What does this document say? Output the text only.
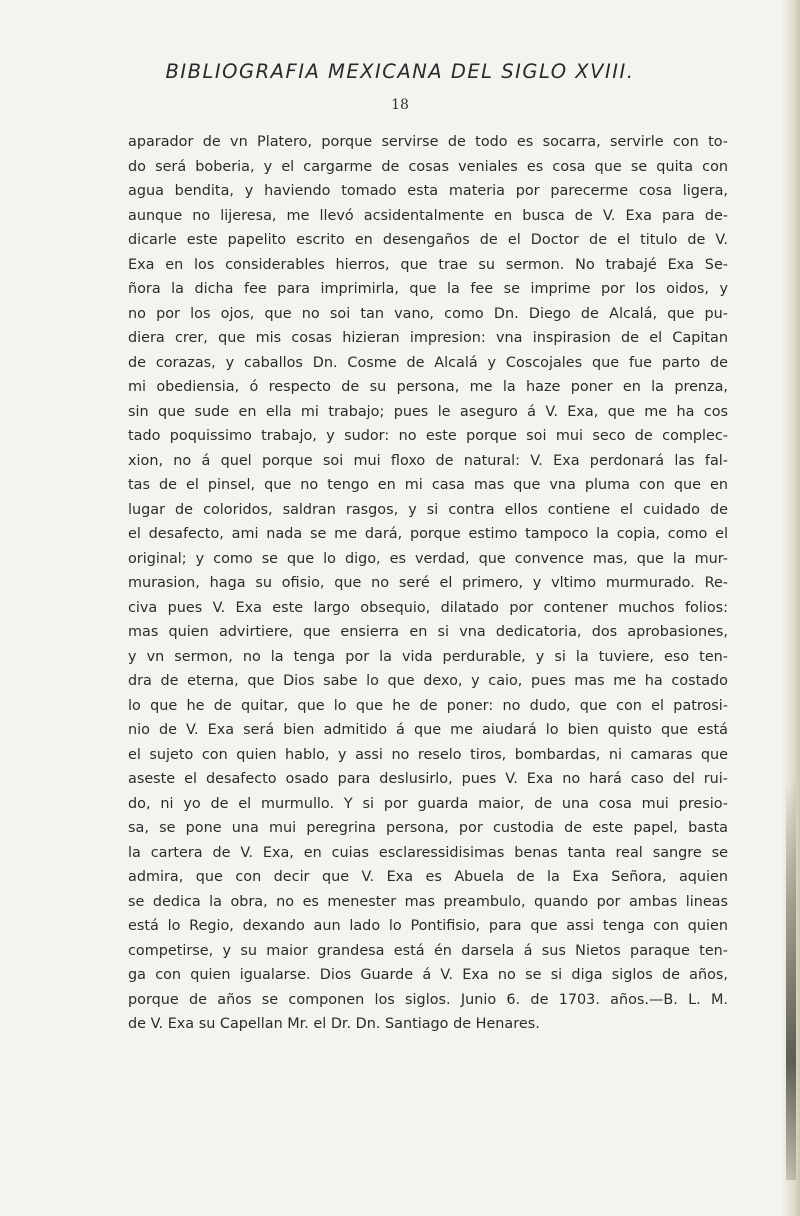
BIBLIOGRAFIA MEXICANA DEL SIGLO XVIII.
18
aparador de vn Platero, porque servirse de todo es socarra, servirle con to-
do será boberia, y el cargarme de cosas veniales es cosa que se quita con
agua bendita, y haviendo tomado esta materia por parecerme cosa ligera,
aunque no lijeresa, me llevó acsidentalmente en busca de V. Exa para de-
dicarle este papelito escrito en desengaños de el Doctor de el titulo de V.
Exa en los considerables hierros, que trae su sermon. No trabajé Exa Se-
ñora la dicha fee para imprimirla, que la fee se imprime por los oidos, y
no por los ojos, que no soi tan vano, como Dn. Diego de Alcalá, que pu-
diera crer, que mis cosas hizieran impresion: vna inspirasion de el Capitan
de corazas, y caballos Dn. Cosme de Alcalá y Coscojales que fue parto de
mi obediensia, ó respecto de su persona, me la haze poner en la prenza,
sin que sude en ella mi trabajo; pues le aseguro á V. Exa, que me ha cos
tado poquissimo trabajo, y sudor: no este porque soi mui seco de complec-
xion, no á quel porque soi mui floxo de natural: V. Exa perdonará las fal-
tas de el pinsel, que no tengo en mi casa mas que vna pluma con que en
lugar de coloridos, saldran rasgos, y si contra ellos contiene el cuidado de
el desafecto, ami nada se me dará, porque estimo tampoco la copia, como el
original; y como se que lo digo, es verdad, que convence mas, que la mur-
murasion, haga su ofisio, que no seré el primero, y vltimo murmurado. Re-
civa pues V. Exa este largo obsequio, dilatado por contener muchos folios:
mas quien advirtiere, que ensierra en si vna dedicatoria, dos aprobasiones,
y vn sermon, no la tenga por la vida perdurable, y si la tuviere, eso ten-
dra de eterna, que Dios sabe lo que dexo, y caio, pues mas me ha costado
lo que he de quitar, que lo que he de poner: no dudo, que con el patrosi-
nio de V. Exa será bien admitido á que me aiudará lo bien quisto que está
el sujeto con quien hablo, y assi no reselo tiros, bombardas, ni camaras que
aseste el desafecto osado para deslusirlo, pues V. Exa no hará caso del rui-
do, ni yo de el murmullo. Y si por guarda maior, de una cosa mui presio-
sa, se pone una mui peregrina persona, por custodia de este papel, basta
la cartera de V. Exa, en cuias esclaressidisimas benas tanta real sangre se
admira, que con decir que V. Exa es Abuela de la Exa Señora, aquien
se dedica la obra, no es menester mas preambulo, quando por ambas lineas
está lo Regio, dexando aun lado lo Pontifisio, para que assi tenga con quien
competirse, y su maior grandesa está én darsela á sus Nietos paraque ten-
ga con quien igualarse. Dios Guarde á V. Exa no se si diga siglos de años,
porque de años se componen los siglos. Junio 6. de 1703. años.—B. L. M.
de V. Exa su Capellan Mr. el Dr. Dn. Santiago de Henares.
